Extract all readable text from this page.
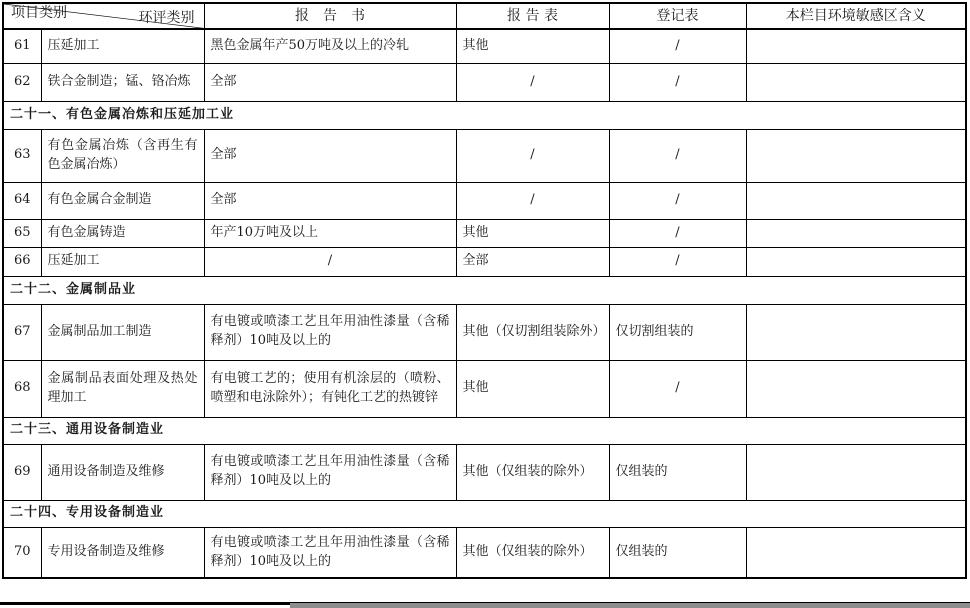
环评类别
项目类别		报　告　书	报 告 表	登记表	本栏目环境敏感区含义
61	压延加工	黑色金属年产50万吨及以上的冷轧	其他	/	
62	铁合金制造；锰、铬冶炼	全部	/	/	
二十一、有色金属冶炼和压延加工业					
63	有色金属冶炼（含再生有色金属冶炼）	全部	/	/	
64	有色金属合金制造	全部	/	/	
65	有色金属铸造	年产10万吨及以上	其他	/	
66	压延加工	/	全部	/	
二十二、金属制品业					
67	金属制品加工制造	有电镀或喷漆工艺且年用油性漆量（含稀释剂）10吨及以上的	其他（仅切割组装除外）	仅切割组装的	
68	金属制品表面处理及热处理加工	有电镀工艺的；使用有机涂层的（喷粉、喷塑和电泳除外）；有钝化工艺的热镀锌	其他	/	
二十三、通用设备制造业					
69	通用设备制造及维修	有电镀或喷漆工艺且年用油性漆量（含稀释剂）10吨及以上的	其他（仅组装的除外）	仅组装的	
二十四、专用设备制造业					
70	专用设备制造及维修	有电镀或喷漆工艺且年用油性漆量（含稀释剂）10吨及以上的	其他（仅组装的除外）	仅组装的	
